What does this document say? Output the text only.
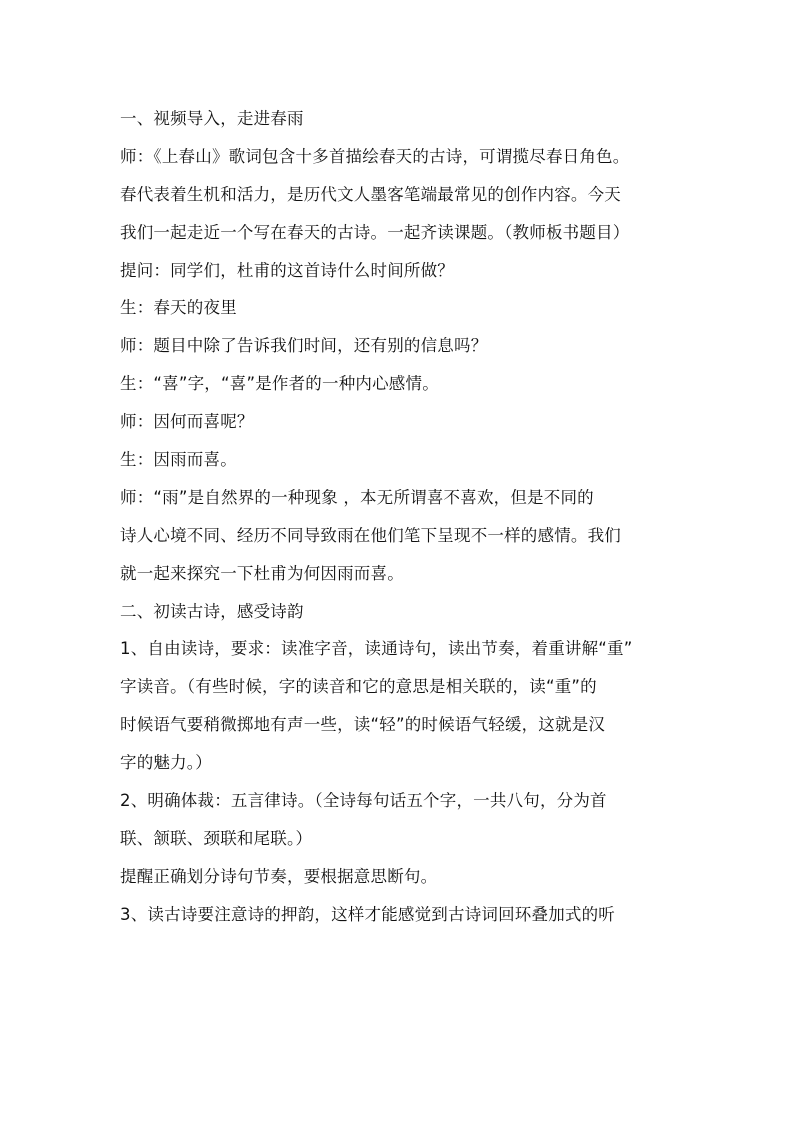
一、视频导入，走进春雨
师：《上春山》歌词包含十多首描绘春天的古诗，可谓揽尽春日角色。
春代表着生机和活力，是历代文人墨客笔端最常见的创作内容。今天
我们一起走近一个写在春天的古诗。一起齐读课题。（教师板书题目）
提问：同学们，杜甫的这首诗什么时间所做？
生：春天的夜里
师：题目中除了告诉我们时间，还有别的信息吗？
生：“喜”字，“喜”是作者的一种内心感情。
师：因何而喜呢？
生：因雨而喜。
师：“雨”是自然界的一种现象 ，本无所谓喜不喜欢，但是不同的
诗人心境不同、经历不同导致雨在他们笔下呈现不一样的感情。我们
就一起来探究一下杜甫为何因雨而喜。
二、初读古诗，感受诗韵
1、自由读诗，要求：读准字音，读通诗句，读出节奏，着重讲解“重”
字读音。（有些时候，字的读音和它的意思是相关联的，读“重”的
时候语气要稍微掷地有声一些，读“轻”的时候语气轻缓，这就是汉
字的魅力。）
2、明确体裁：五言律诗。（全诗每句话五个字，一共八句，分为首
联、颔联、颈联和尾联。）
提醒正确划分诗句节奏，要根据意思断句。
3、读古诗要注意诗的押韵，这样才能感觉到古诗词回环叠加式的听
